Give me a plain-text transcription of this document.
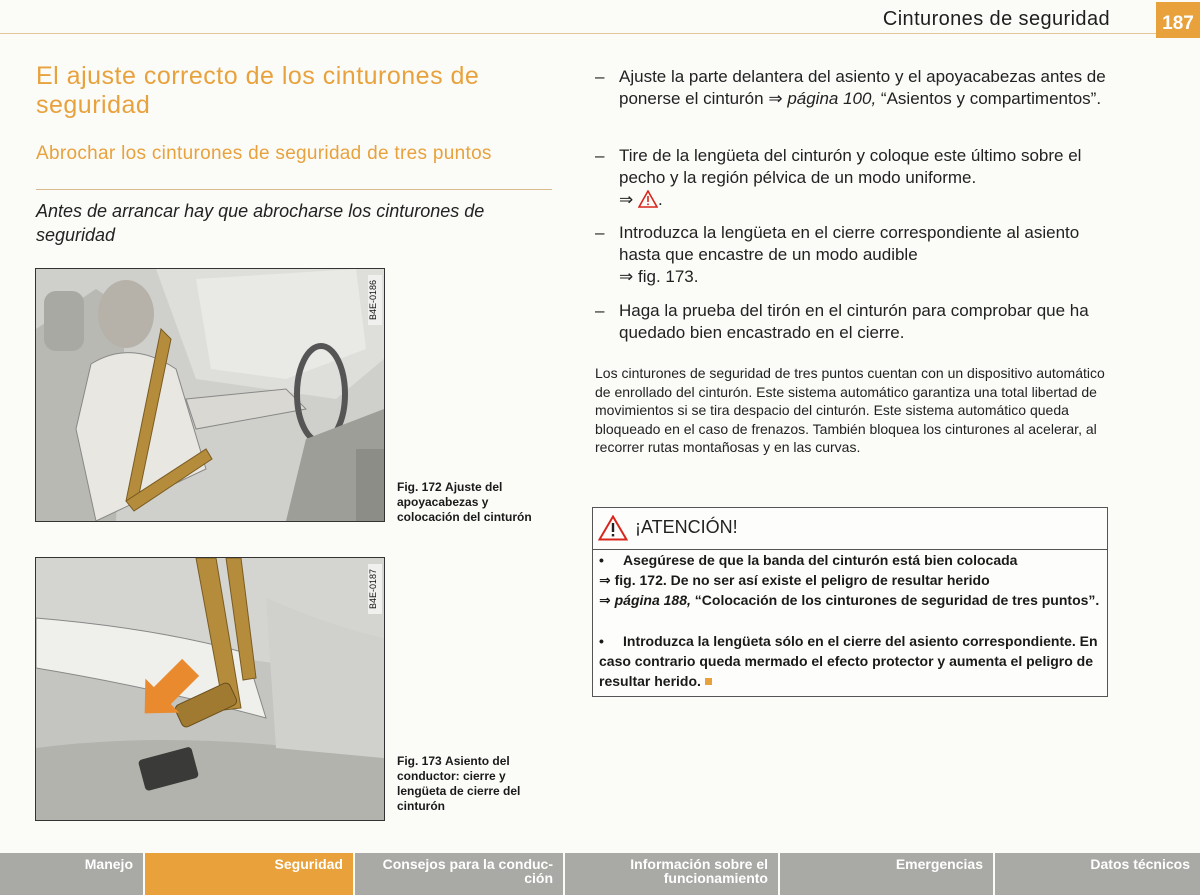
Cinturones de seguridad	187
El ajuste correcto de los cinturones de seguridad
Abrochar los cinturones de seguridad de tres puntos
Antes de arrancar hay que abrocharse los cinturones de seguridad
B4E-0186
Fig. 172 Ajuste del apoyacabezas y colocación del cinturón
B4E-0187
Fig. 173 Asiento del conductor: cierre y lengüeta de cierre del cinturón
– Ajuste la parte delantera del asiento y el apoyacabezas antes de ponerse el cinturón ⇒ página 100, “Asientos y compartimentos”.
– Tire de la lengüeta del cinturón y coloque este último sobre el pecho y la región pélvica de un modo uniforme.
⇒ .
– Introduzca la lengüeta en el cierre correspondiente al asiento hasta que encastre de un modo audible
⇒ fig. 173.
– Haga la prueba del tirón en el cinturón para comprobar que ha quedado bien encastrado en el cierre.
Los cinturones de seguridad de tres puntos cuentan con un dispositivo automático de enrollado del cinturón. Este sistema automático garantiza una total libertad de movimientos si se tira despacio del cinturón. Este sistema automático queda bloqueado en el caso de frenazos. También bloquea los cinturones al acelerar, al recorrer rutas montañosas y en las curvas.
¡ATENCIÓN!
• Asegúrese de que la banda del cinturón está bien colocada
⇒ fig. 172. De no ser así existe el peligro de resultar herido
⇒ página 188, “Colocación de los cinturones de seguridad de tres puntos”.
• Introduzca la lengüeta sólo en el cierre del asiento correspondiente. En caso contrario queda mermado el efecto protector y aumenta el peligro de resultar herido.
Manejo	Seguridad	Consejos para la conduc-
ción
Información sobre el
funcionamiento
Emergencias	Datos técnicos
